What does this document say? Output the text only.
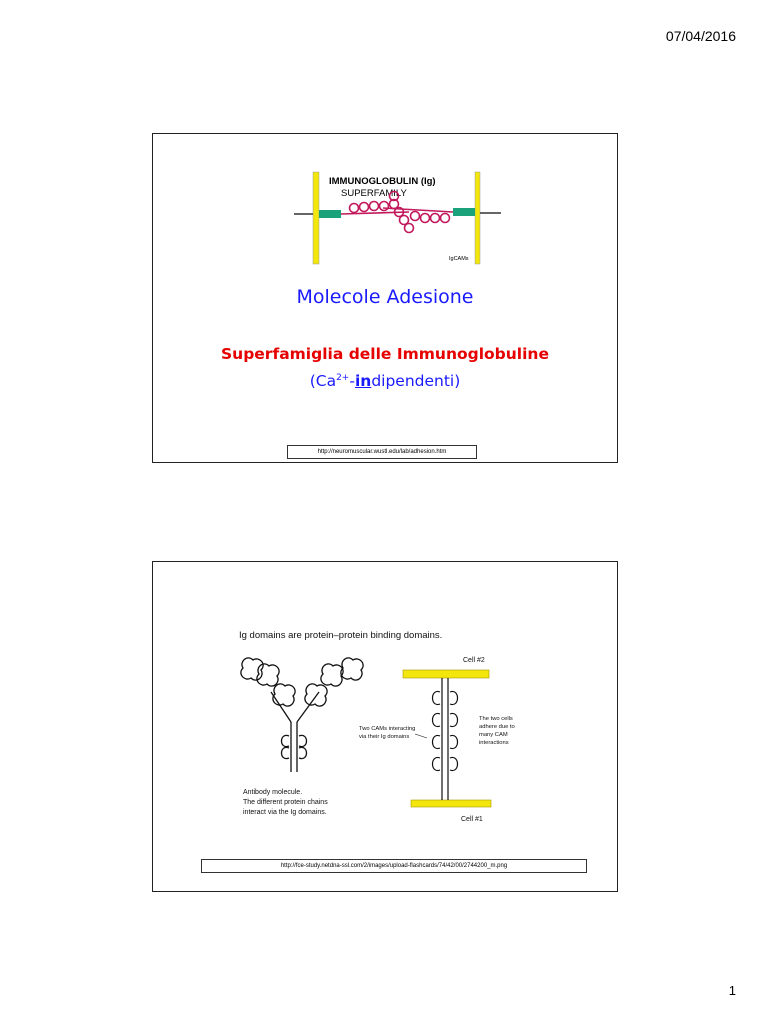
07/04/2016
IMMUNOGLOBULIN (Ig)
SUPERFAMILY
IgCAMs
Molecole Adesione
Superfamiglia delle Immunoglobuline
$(Ca^{2+}-indipendenti)$
http://neuromuscular.wustl.edu/lab/adhesion.htm
Ig domains are protein–protein binding domains.
Antibody molecule.
The different protein chains
interact via the Ig domains.
Cell #2
Cell #1
Two CAMs interacting
via their Ig domains
The two cells
adhere due to
many CAM
interactions
http://fce-study.netdna-ssl.com/2/images/upload-flashcards/74/42/00/2744200_m.png
1
